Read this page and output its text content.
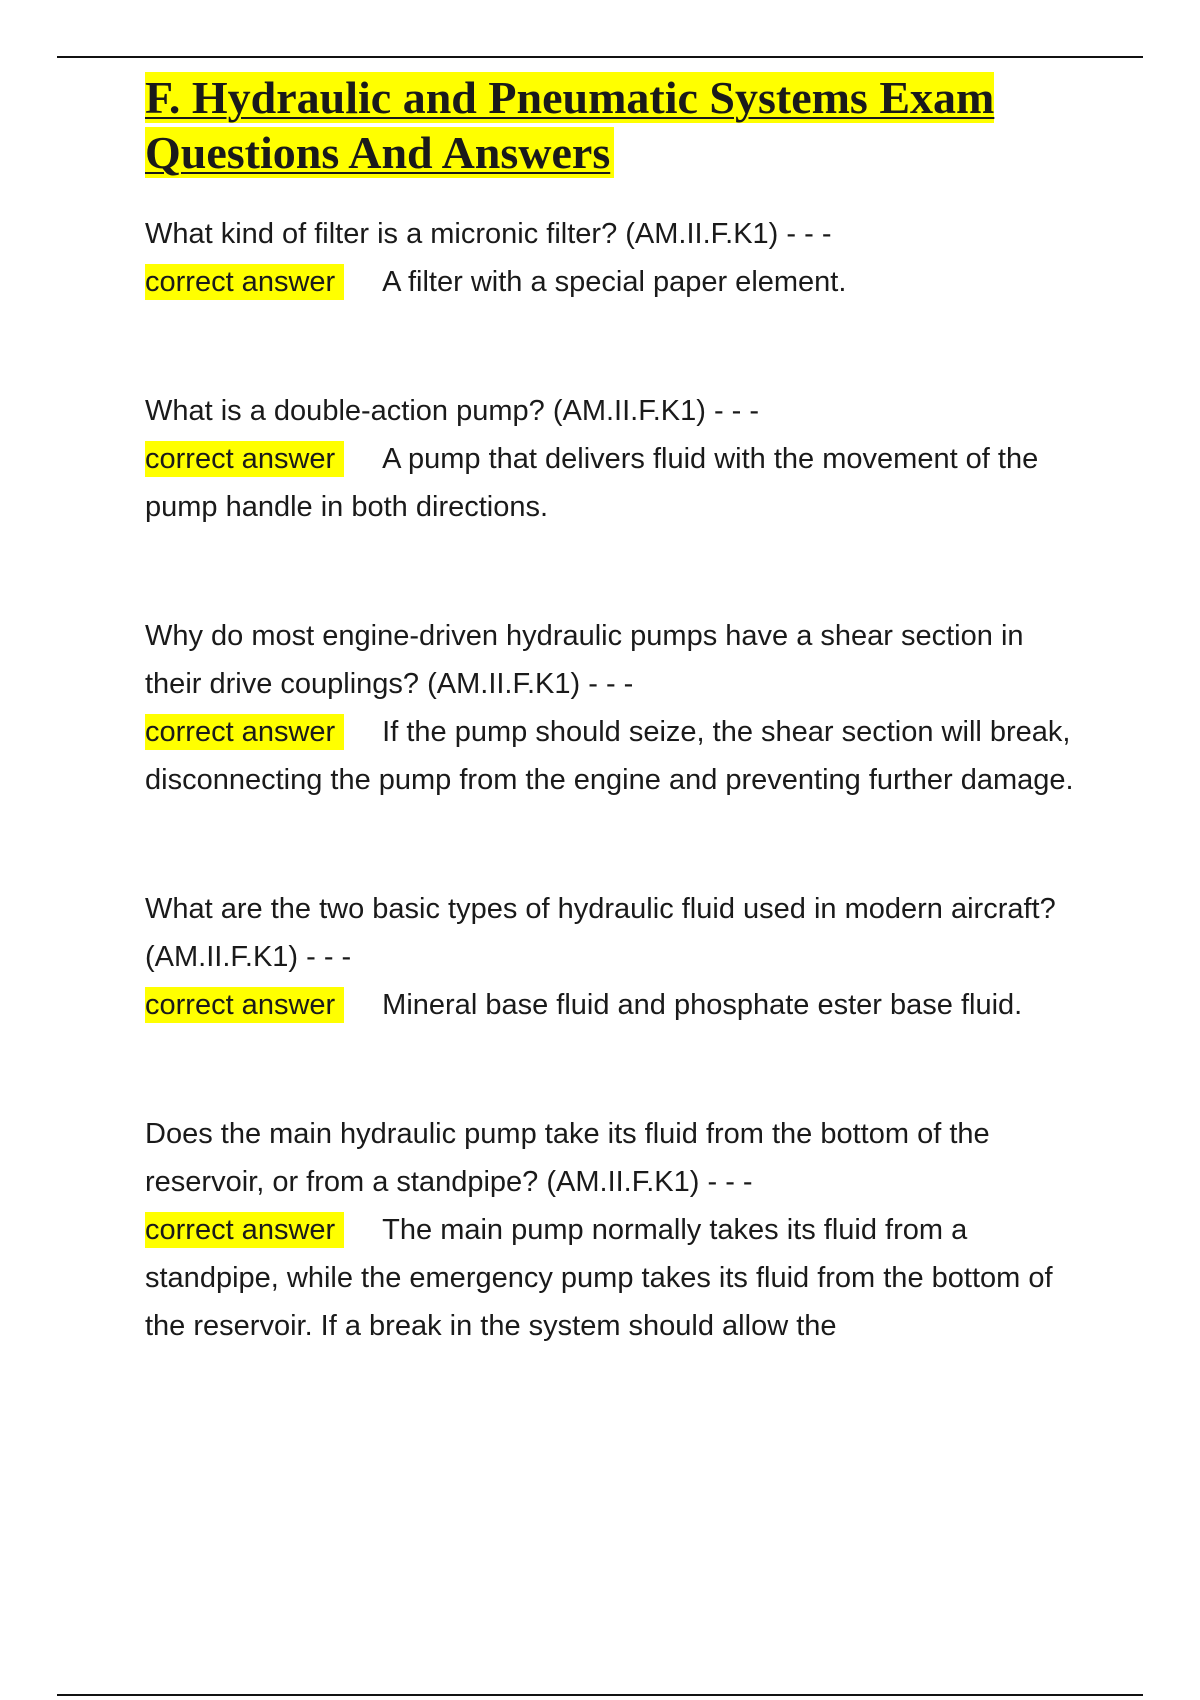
F. Hydraulic and Pneumatic Systems Exam Questions And Answers

What kind of filter is a micronic filter? (AM.II.F.K1) - - -

correct answer A filter with a special paper element.

What is a double-action pump? (AM.II.F.K1) - - -

correct answer A pump that delivers fluid with the movement of the pump handle in both directions.

Why do most engine-driven hydraulic pumps have a shear section in their drive couplings? (AM.II.F.K1) - - -

correct answer If the pump should seize, the shear section will break, disconnecting the pump from the engine and preventing further damage.

What are the two basic types of hydraulic fluid used in modern aircraft? (AM.II.F.K1) - - -

correct answer Mineral base fluid and phosphate ester base fluid.

Does the main hydraulic pump take its fluid from the bottom of the reservoir, or from a standpipe? (AM.II.F.K1) - - -

correct answer The main pump normally takes its fluid from a standpipe, while the emergency pump takes its fluid from the bottom of the reservoir. If a break in the system should allow the
